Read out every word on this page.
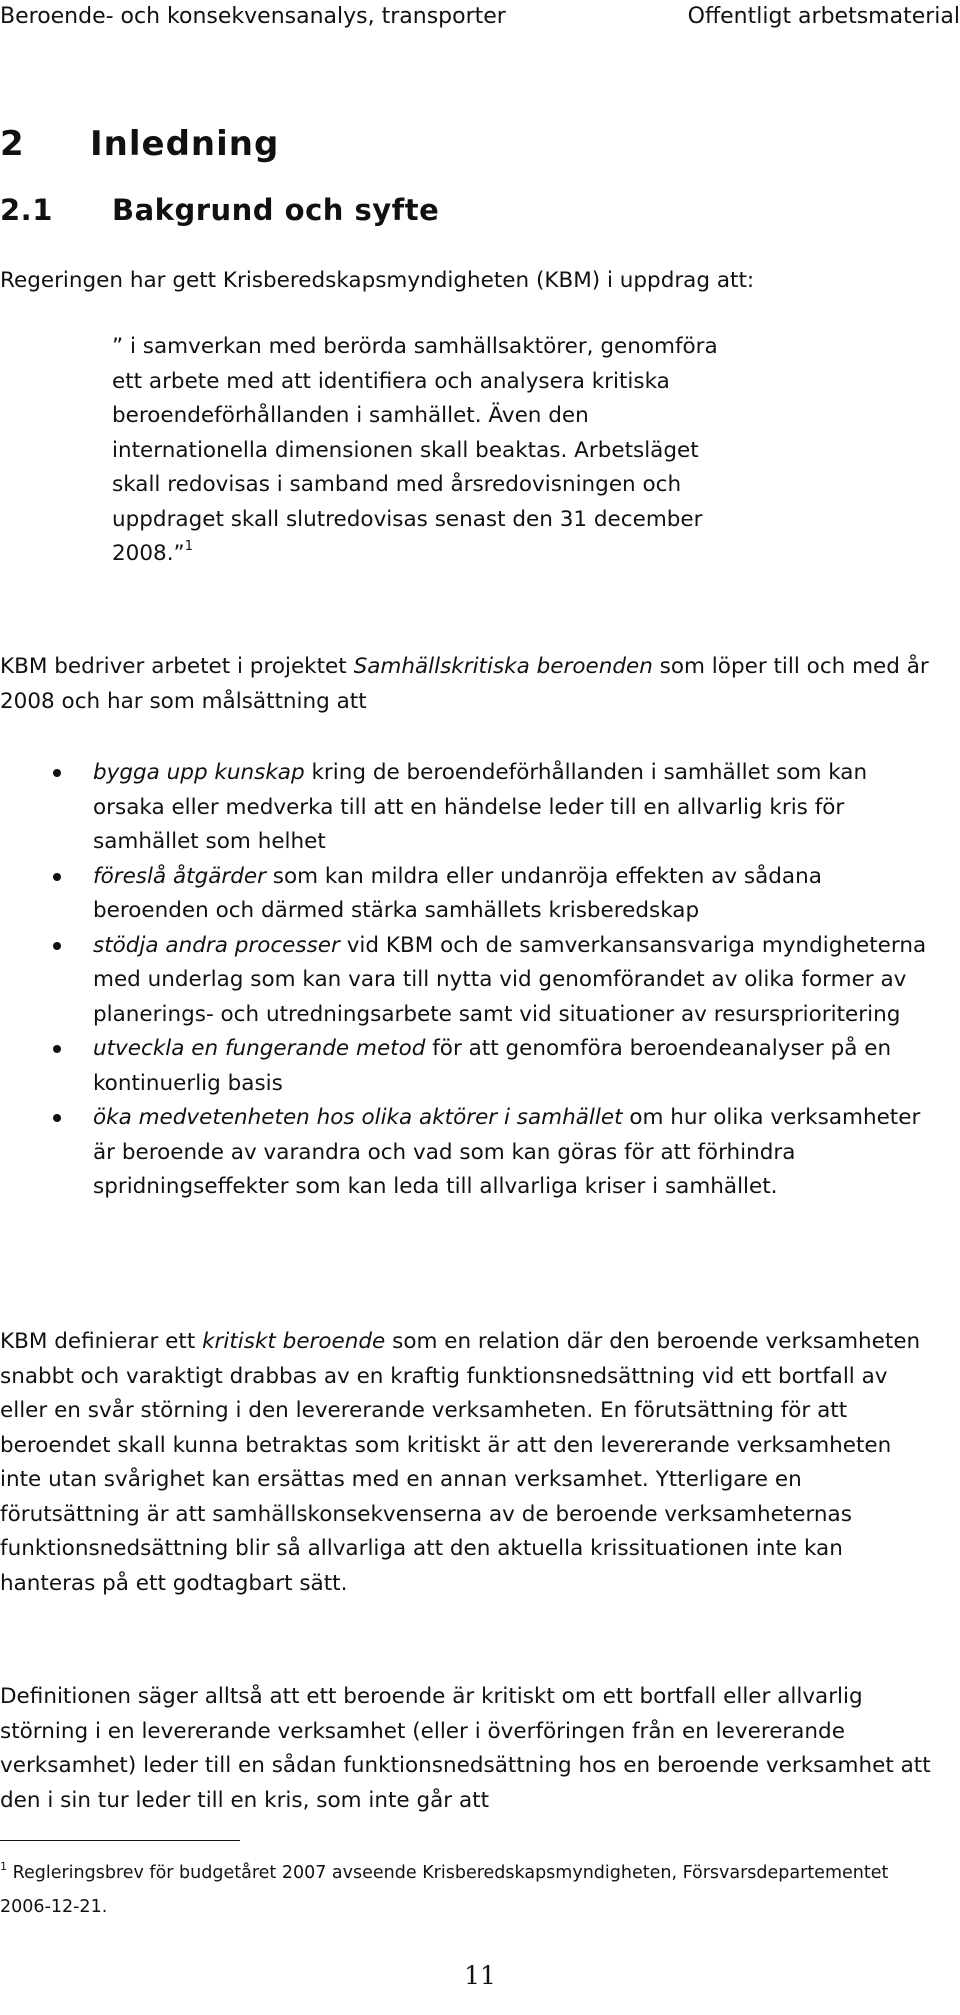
Beroende- och konsekvensanalys, transporter	Offentligt arbetsmaterial
2 Inledning
2.1 Bakgrund och syfte

Regeringen har gett Krisberedskapsmyndigheten (KBM) i uppdrag att:

” i samverkan med berörda samhällsaktörer, genomföra ett arbete med att identifiera och analysera kritiska beroendeförhållanden i samhället. Även den internationella dimensionen skall beaktas. Arbetsläget skall redovisas i samband med årsredovisningen och uppdraget skall slutredovisas senast den 31 december 2008.”$^1$

KBM bedriver arbetet i projektet Samhällskritiska beroenden som löper till och med år 2008 och har som målsättning att

bygga upp kunskap kring de beroendeförhållanden i samhället som kan orsaka eller medverka till att en händelse leder till en allvarlig kris för samhället som helhet
föreslå åtgärder som kan mildra eller undanröja effekten av sådana beroenden och därmed stärka samhällets krisberedskap
stödja andra processer vid KBM och de samverkansansvariga myndigheterna med underlag som kan vara till nytta vid genomförandet av olika former av planerings- och utredningsarbete samt vid situationer av resursprioritering
utveckla en fungerande metod för att genomföra beroendeanalyser på en kontinuerlig basis
öka medvetenheten hos olika aktörer i samhället om hur olika verksamheter är beroende av varandra och vad som kan göras för att förhindra spridningseffekter som kan leda till allvarliga kriser i samhället.

KBM definierar ett kritiskt beroende som en relation där den beroende verksamheten snabbt och varaktigt drabbas av en kraftig funktionsnedsättning vid ett bortfall av eller en svår störning i den levererande verksamheten. En förutsättning för att beroendet skall kunna betraktas som kritiskt är att den levererande verksamheten inte utan svårighet kan ersättas med en annan verksamhet. Ytterligare en förutsättning är att samhällskonsekvenserna av de beroende verksamheternas funktionsnedsättning blir så allvarliga att den aktuella krissituationen inte kan hanteras på ett godtagbart sätt.

Definitionen säger alltså att ett beroende är kritiskt om ett bortfall eller allvarlig störning i en levererande verksamhet (eller i överföringen från en levererande verksamhet) leder till en sådan funktionsnedsättning hos en beroende verksamhet att den i sin tur leder till en kris, som inte går att

$^1$ Regleringsbrev för budgetåret 2007 avseende Krisberedskapsmyndigheten, Försvarsdepartementet 2006-12-21.
11
